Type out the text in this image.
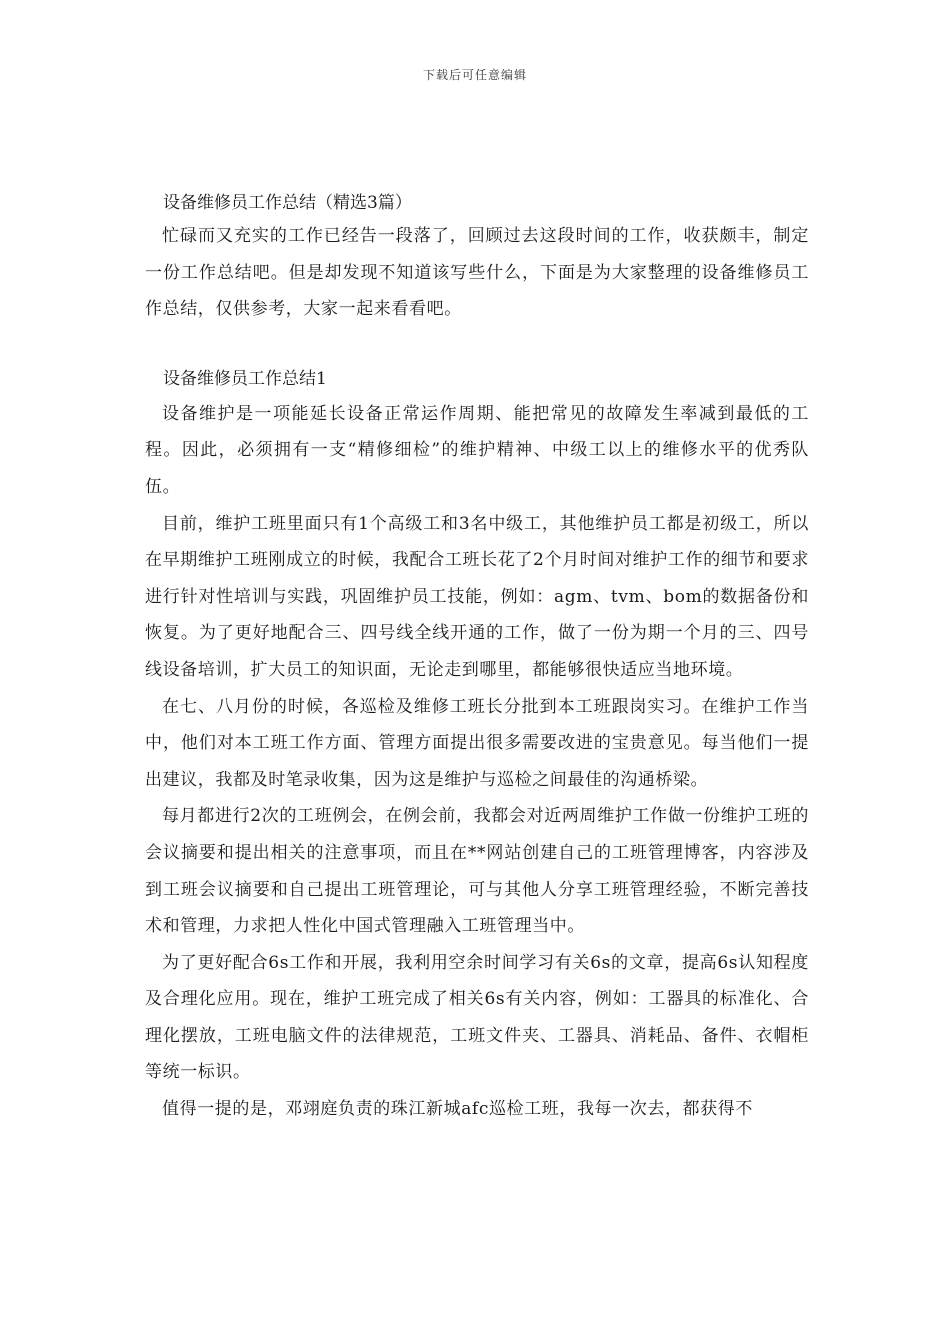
下载后可任意编辑

设备维修员工作总结（精选3篇）

忙碌而又充实的工作已经告一段落了，回顾过去这段时间的工作，收获颇丰，制定一份工作总结吧。但是却发现不知道该写些什么，下面是为大家整理的设备维修员工作总结，仅供参考，大家一起来看看吧。

设备维修员工作总结1

设备维护是一项能延长设备正常运作周期、能把常见的故障发生率减到最低的工程。因此，必须拥有一支“精修细检”的维护精神、中级工以上的维修水平的优秀队伍。

目前，维护工班里面只有1个高级工和3名中级工，其他维护员工都是初级工，所以在早期维护工班刚成立的时候，我配合工班长花了2个月时间对维护工作的细节和要求进行针对性培训与实践，巩固维护员工技能，例如：agm、tvm、bom的数据备份和恢复。为了更好地配合三、四号线全线开通的工作，做了一份为期一个月的三、四号线设备培训，扩大员工的知识面，无论走到哪里，都能够很快适应当地环境。

在七、八月份的时候，各巡检及维修工班长分批到本工班跟岗实习。在维护工作当中，他们对本工班工作方面、管理方面提出很多需要改进的宝贵意见。每当他们一提出建议，我都及时笔录收集，因为这是维护与巡检之间最佳的沟通桥梁。

每月都进行2次的工班例会，在例会前，我都会对近两周维护工作做一份维护工班的会议摘要和提出相关的注意事项，而且在**网站创建自己的工班管理博客，内容涉及到工班会议摘要和自己提出工班管理论，可与其他人分享工班管理经验，不断完善技术和管理，力求把人性化中国式管理融入工班管理当中。

为了更好配合6s工作和开展，我利用空余时间学习有关6s的文章，提高6s认知程度及合理化应用。现在，维护工班完成了相关6s有关内容，例如：工器具的标准化、合理化摆放，工班电脑文件的法律规范，工班文件夹、工器具、消耗品、备件、衣帽柜等统一标识。

值得一提的是，邓翊庭负责的珠江新城afc巡检工班，我每一次去，都获得不
